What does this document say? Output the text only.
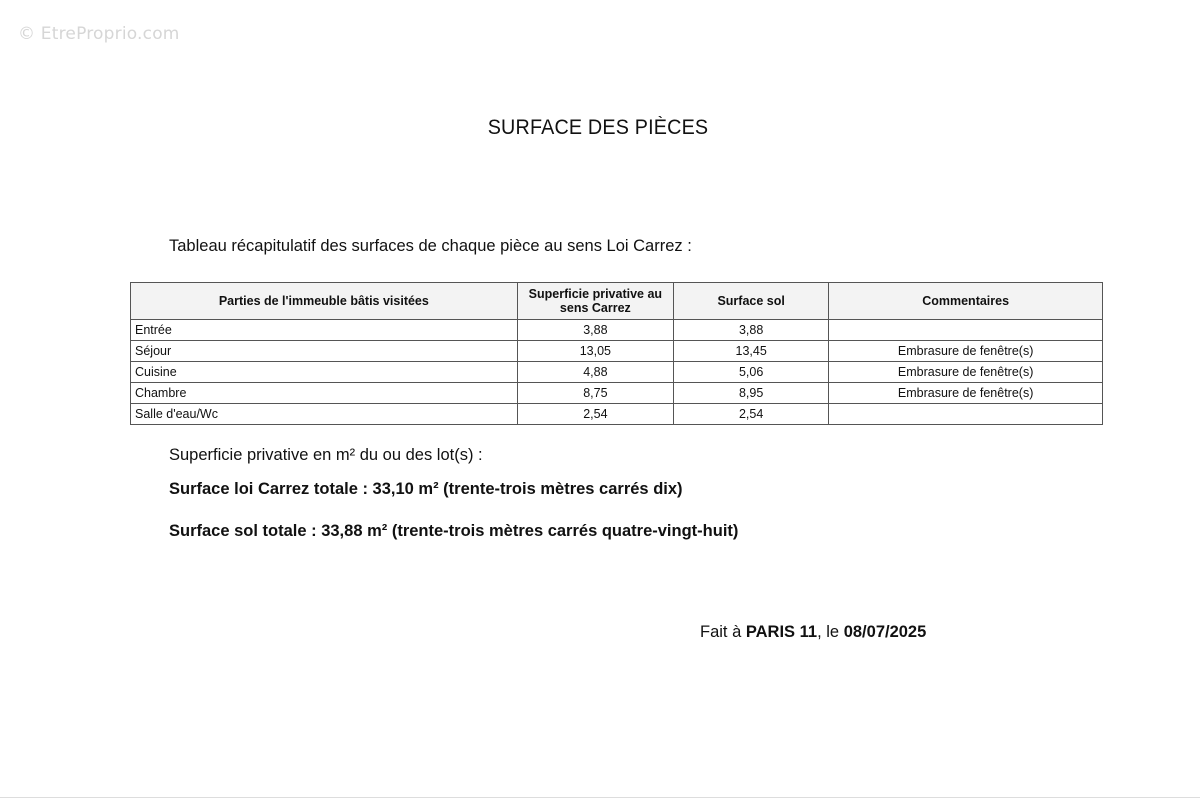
© EtreProprio.com
SURFACE DES PIÈCES
Tableau récapitulatif des surfaces de chaque pièce au sens Loi Carrez :
Parties de l'immeuble bâtis visitées	Superficie privative au sens Carrez	Surface sol	Commentaires
Entrée	3,88	3,88	
Séjour	13,05	13,45	Embrasure de fenêtre(s)
Cuisine	4,88	5,06	Embrasure de fenêtre(s)
Chambre	8,75	8,95	Embrasure de fenêtre(s)
Salle d'eau/Wc	2,54	2,54	
Superficie privative en m² du ou des lot(s) :
Surface loi Carrez totale : 33,10 m² (trente-trois mètres carrés dix)
Surface sol totale : 33,88 m² (trente-trois mètres carrés quatre-vingt-huit)
Fait à PARIS 11, le 08/07/2025
